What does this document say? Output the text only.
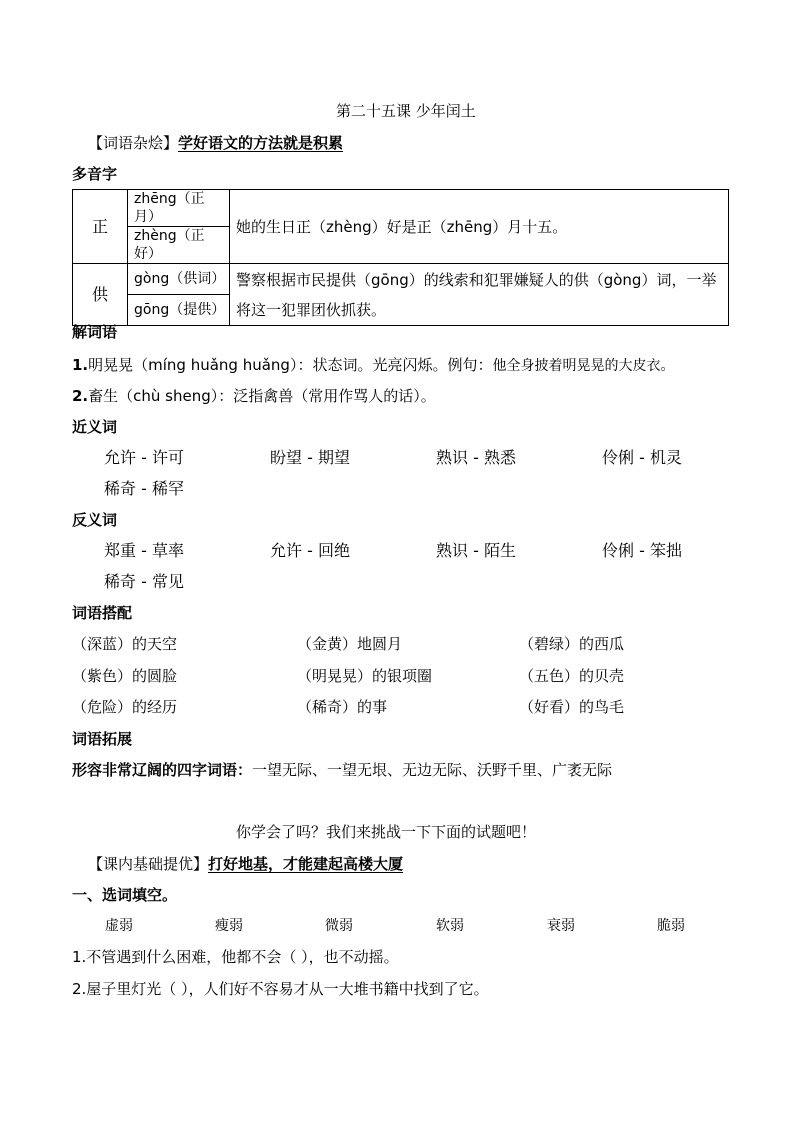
第二十五课 少年闰土
【词语杂烩】学好语文的方法就是积累
多音字
正	zhēng（正月）	她的生日正（zhèng）好是正（zhēng）月十五。
	zhèng（正好）	
供	gòng（供词）	警察根据市民提供（gōng）的线索和犯罪嫌疑人的供（gòng）词，一举将这一犯罪团伙抓获。
	gōng（提供）	
解词语
1.明晃晃（míng huǎng huǎng）：状态词。光亮闪烁。例句：他全身披着明晃晃的大皮衣。
2.畜生（chù sheng）：泛指禽兽（常用作骂人的话）。
近义词
允许 - 许可	盼望 - 期望	熟识 - 熟悉	伶俐 - 机灵
稀奇 - 稀罕
反义词
郑重 - 草率	允许 - 回绝	熟识 - 陌生	伶俐 - 笨拙
稀奇 - 常见
词语搭配
（深蓝）的天空	（金黄）地圆月	（碧绿）的西瓜
（紫色）的圆脸	（明晃晃）的银项圈	（五色）的贝壳
（危险）的经历	（稀奇）的事	（好看）的鸟毛
词语拓展
形容非常辽阔的四字词语：一望无际、一望无垠、无边无际、沃野千里、广袤无际
你学会了吗？我们来挑战一下下面的试题吧！
【课内基础提优】打好地基，才能建起高楼大厦
一、选词填空。
虚弱	瘦弱	微弱	软弱	衰弱	脆弱
1.不管遇到什么困难，他都不会（ ），也不动摇。
2.屋子里灯光（ ），人们好不容易才从一大堆书籍中找到了它。
